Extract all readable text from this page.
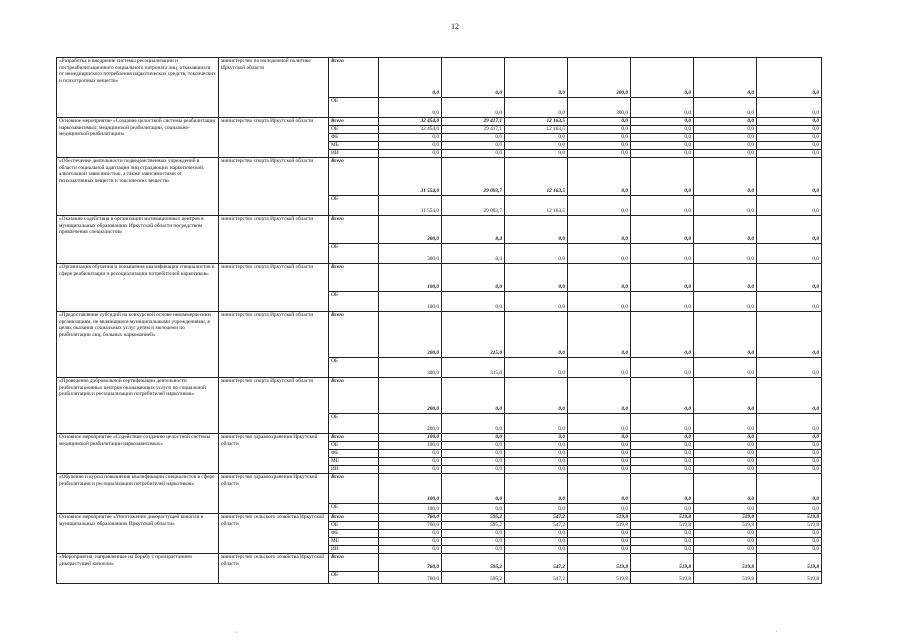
12
«Разработка и внедрение системы ресоциализации и постреабилитационного социального патроната лиц, отказавшихся от немедицинского потребления наркотических средств, токсических и психотропных веществ»	министерство по молодежной политике Иркутской области	Всего	0,0	0,0	0,0	300,0	0,0	0,0	0,0
		ОБ	0,0	0,0	0,0	300,0	0,0	0,0	0,0
Основное мероприятие «Создание целостной системы реабилитации наркозависимых: медицинской реабилитации, социально-медицинской реабилитации»	министерство спорта Иркутской области	Всего	32 454,0	29 417,1	12 163,5	0,0	0,0	0,0	0,0
		ОБ	32 454,0	29 417,1	12 163,5	0,0	0,0	0,0	0,0
		ФБ	0,0	0,0	0,0	0,0	0,0	0,0	0,0
		МБ	0,0	0,0	0,0	0,0	0,0	0,0	0,0
		ИИ	0,0	0,0	0,0	0,0	0,0	0,0	0,0
«Обеспечение деятельности подведомственных учреждений в области социальной адаптации лиц страдающих наркотической, алкогольной зависимостью, а также зависимостями от психоактивных веществ и токсических веществ»	министерство спорта Иркутской области	Всего	31 554,0	29 093,7	12 163,5	0,0	0,0	0,0	0,0
		ОБ	31 554,0	29 093,7	12 163,5	0,0	0,0	0,0	0,0
«Оказание содействия в организации мотивационных центров в муниципальных образованиях Иркутской области посредством привлечения специалистов»	министерство спорта Иркутской области	Всего	300,0	8,4	0,0	0,0	0,0	0,0	0,0
		ОБ	300,0	8,4	0,0	0,0	0,0	0,0	0,0
«Организация обучения и повышения квалификации специалистов в сфере реабилитации и ресоциализации потребителей наркотиков»	министерство спорта Иркутской области	Всего	100,0	0,0	0,0	0,0	0,0	0,0	0,0
		ОБ	100,0	0,0	0,0	0,0	0,0	0,0	0,0
«Предоставление субсидий на конкурсной основе некоммерческим организациям, не являющимся муниципальными учреждениями, в целях оказания социальных услуг детям и молодежи по реабилитации лиц, больных наркоманией»	министерство спорта Иркутской области	Всего	300,0	315,0	0,0	0,0	0,0	0,0	0,0
		ОБ	300,0	315,0	0,0	0,0	0,0	0,0	0,0
«Проведение добровольной сертификации деятельности реабилитационных центров оказывающих услуги по социальной реабилитации и ресоциализации потребителей наркотиков»	министерство спорта Иркутской области	Всего	200,0	0,0	0,0	0,0	0,0	0,0	0,0
		ОБ	200,0	0,0	0,0	0,0	0,0	0,0	0,0
Основное мероприятие «Содействие созданию целостной системы медицинской реабилитации наркозависимых»	министерство здравоохранения Иркутской области	Всего	100,0	0,0	0,0	0,0	0,0	0,0	0,0
		ОБ	100,0	0,0	0,0	0,0	0,0	0,0	0,0
		ФБ	0,0	0,0	0,0	0,0	0,0	0,0	0,0
		МБ	0,0	0,0	0,0	0,0	0,0	0,0	0,0
		ИИ	0,0	0,0	0,0	0,0	0,0	0,0	0,0
«Обучение и курсы повышения квалификации специалистов в сфере реабилитации и ресоциализации потребителей наркотиков»	министерство здравоохранения Иркутской области	Всего	100,0	0,0	0,0	0,0	0,0	0,0	0,0
		ОБ	100,0	0,0	0,0	0,0	0,0	0,0	0,0
Основное мероприятие «Уничтожение дикорастущей конопли в муниципальных образованиях Иркутской области»	министерство сельского хозяйства Иркутской области	Всего	760,0	595,2	547,2	519,8	519,8	519,8	519,8
		ОБ	760,0	595,2	547,2	519,8	519,8	519,8	519,8
		ФБ	0,0	0,0	0,0	0,0	0,0	0,0	0,0
		МБ	0,0	0,0	0,0	0,0	0,0	0,0	0,0
		ИИ	0,0	0,0	0,0	0,0	0,0	0,0	0,0
«Мероприятия, направленные на борьбу с произрастанием дикорастущей конопли»	министерство сельского хозяйства Иркутской области	Всего	760,0	595,2	547,2	519,8	519,8	519,8	519,8
		ОБ	760,0	595,2	547,2	519,8	519,8	519,8	519,8
,	.
